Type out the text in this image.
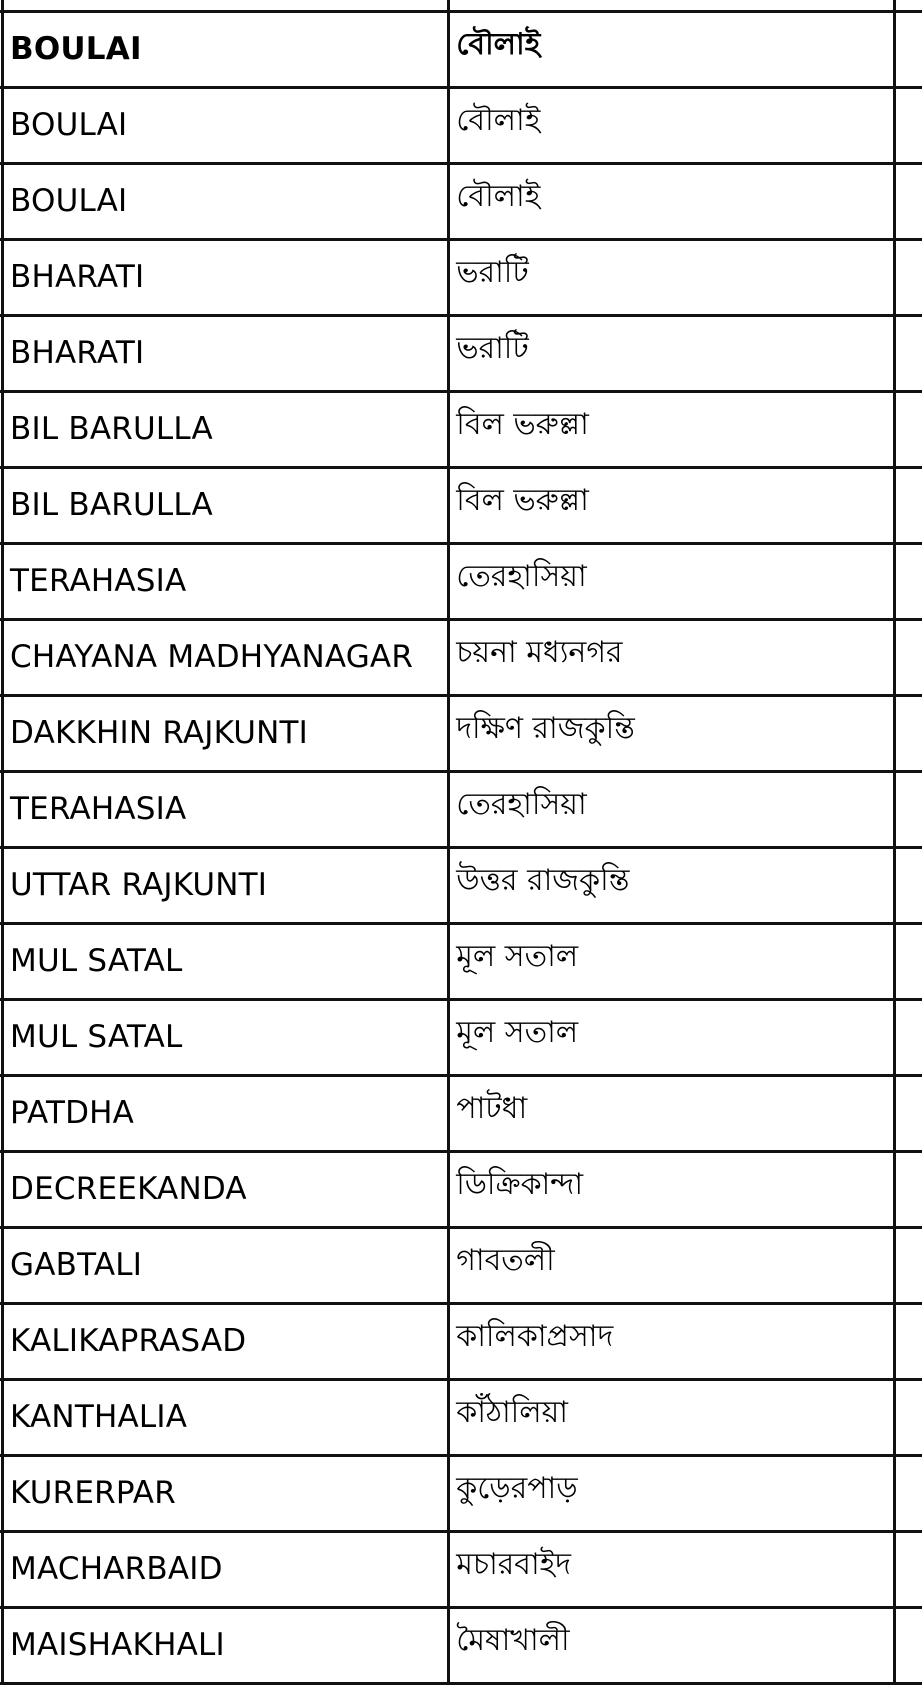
	BOULAI	বৌলাই	
	BOULAI	বৌলাই	
	BOULAI	বৌলাই	
	BHARATI	ভরাটি	
	BHARATI	ভরাটি	
	BIL BARULLA	বিল ভরুল্লা	
	BIL BARULLA	বিল ভরুল্লা	
	TERAHASIA	তেরহাসিয়া	
	CHAYANA MADHYANAGAR	চয়না মধ্যনগর	
	DAKKHIN RAJKUNTI	দক্ষিণ রাজকুন্তি	
	TERAHASIA	তেরহাসিয়া	
	UTTAR RAJKUNTI	উত্তর রাজকুন্তি	
	MUL SATAL	মূল সতাল	
	MUL SATAL	মূল সতাল	
	PATDHA	পাটধা	
	DECREEKANDA	ডিক্রিকান্দা	
	GABTALI	গাবতলী	
	KALIKAPRASAD	কালিকাপ্রসাদ	
	KANTHALIA	কাঁঠালিয়া	
	KURERPAR	কুড়েরপাড়	
	MACHARBAID	মচারবাইদ	
	MAISHAKHALI	মৈষাখালী	
